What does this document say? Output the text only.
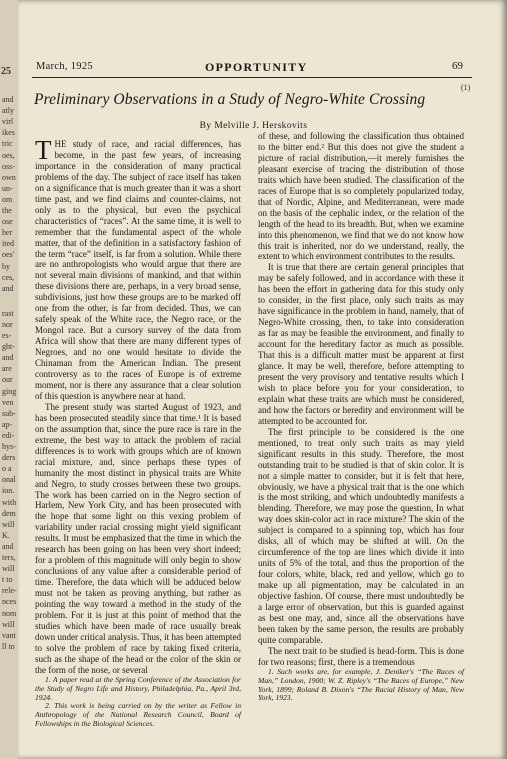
25
and
atly
virl
ikes
tric
oes,
oss-
own
un-
om
the
ose
her
ited
oes'
by
ces,
and
rast
nor
es-
ght-
and
are
our
ging
ven
sub-
ap-
edi-
hys-
ders
o a
onal
ion.
with
dem
will
K.
and
ters,
will
t to
rele-
nces
nom
will
vant
ll to
March, 1925	OPPORTUNITY	69
(1)
Preliminary Observations in a Study of Negro-White Crossing
By Melville J. Herskovits

THE study of race, and racial differences, has become, in the past few years, of increasing importance in the consideration of many practical problems of the day. The subject of race itself has taken on a significance that is much greater than it was a short time past, and we find claims and counter-claims, not only as to the physical, but even the psychical characteristics of “races”. At the same time, it is well to remember that the fundamental aspect of the whole matter, that of the definition in a satisfactory fashion of the term “race” itself, is far from a solution. While there are no anthropologists who would argue that there are not several main divisions of mankind, and that within these divisions there are, perhaps, in a very broad sense, subdivisions, just how these groups are to be marked off one from the other, is far from decided. Thus, we can safely speak of the White race, the Negro race, or the Mongol race. But a cursory survey of the data from Africa will show that there are many different types of Negroes, and no one would hesitate to divide the Chinaman from the American Indian. The present controversy as to the races of Europe is of extreme moment, nor is there any assurance that a clear solution of this question is anywhere near at hand.

The present study was started August of 1923, and has been prosecuted steadily since that time.¹ It is based on the assumption that, since the pure race is rare in the extreme, the best way to attack the problem of racial differences is to work with groups which are of known racial mixture, and, since perhaps these types of humanity the most distinct in physical traits are White and Negro, to study crosses between these two groups. The work has been carried on in the Negro section of Harlem, New York City, and has been prosecuted with the hope that some light on this vexing problem of variability under racial crossing might yield significant results. It must be emphasized that the time in which the research has been going on has been very short indeed; for a problem of this magnitude will only begin to show conclusions of any value after a considerable period of time. Therefore, the data which will be adduced below must not be taken as proving anything, but rather as pointing the way toward a method in the study of the problem. For it is just at this point of method that the studies which have been made of race usually break down under critical analysis. Thus, it has been attempted to solve the problem of race by taking fixed criteria, such as the shape of the head or the color of the skin or the form of the nose, or several

1. A paper read at the Spring Conference of the Association for the Study of Negro Life and History, Philadelphia, Pa., April 3rd, 1924.

2. This work is being carried on by the writer as Fellow in Anthropology of the National Research Council, Board of Fellowships in the Biological Sciences.

of these, and following the classification thus obtained to the bitter end.² But this does not give the student a picture of racial distribution,—it merely furnishes the pleasant exercise of tracing the distribution of those traits which have been studied. The classification of the races of Europe that is so completely popularized today, that of Nordic, Alpine, and Mediterranean, were made on the basis of the cephalic index, or the relation of the length of the head to its breadth. But, when we examine into this phenomenon, we find that we do not know how this trait is inherited, nor do we understand, really, the extent to which environment contributes to the results.

It is true that there are certain general principles that may be safely followed, and in accordance with these it has been the effort in gathering data for this study only to consider, in the first place, only such traits as may have significance in the problem in hand, namely, that of Negro-White crossing, then, to take into consideration as far as may be feasible the environment, and finally to account for the hereditary factor as much as possible. That this is a difficult matter must be apparent at first glance. It may be well, therefore, before attempting to present the very provisory and tentative results which I wish to place before you for your consideration, to explain what these traits are which must be considered, and how the factors or heredity and environment will be attempted to be accounted for.

The first principle to be considered is the one mentioned, to treat only such traits as may yield significant results in this study. Therefore, the most outstanding trait to be studied is that of skin color. It is not a simple matter to consider, but it is felt that here, obviously, we have a physical trait that is the one which is the most striking, and which undoubtedly manifests a blending. Therefore, we may pose the question, In what way does skin-color act in race mixture? The skin of the subject is compared to a spinning top, which has four disks, all of which may be shifted at will. On the circumference of the top are lines which divide it into units of 5% of the total, and thus the proportion of the four colors, white, black, red and yellow, which go to make up all pigmentation, may be calculated in an objective fashion. Of course, there must undoubtedly be a large error of observation, but this is guarded against as best one may, and, since all the observations have been taken by the same person, the results are probably quite comparable.

The next trait to be studied is head-form. This is done for two reasons; first, there is a tremendous

1. Such works are, for example, J. Deniker's “The Races of Man,” London, 1900; W. Z. Ripley's “The Races of Europe,” New York, 1899; Roland B. Dixon's “The Racial History of Man, New York, 1923.
